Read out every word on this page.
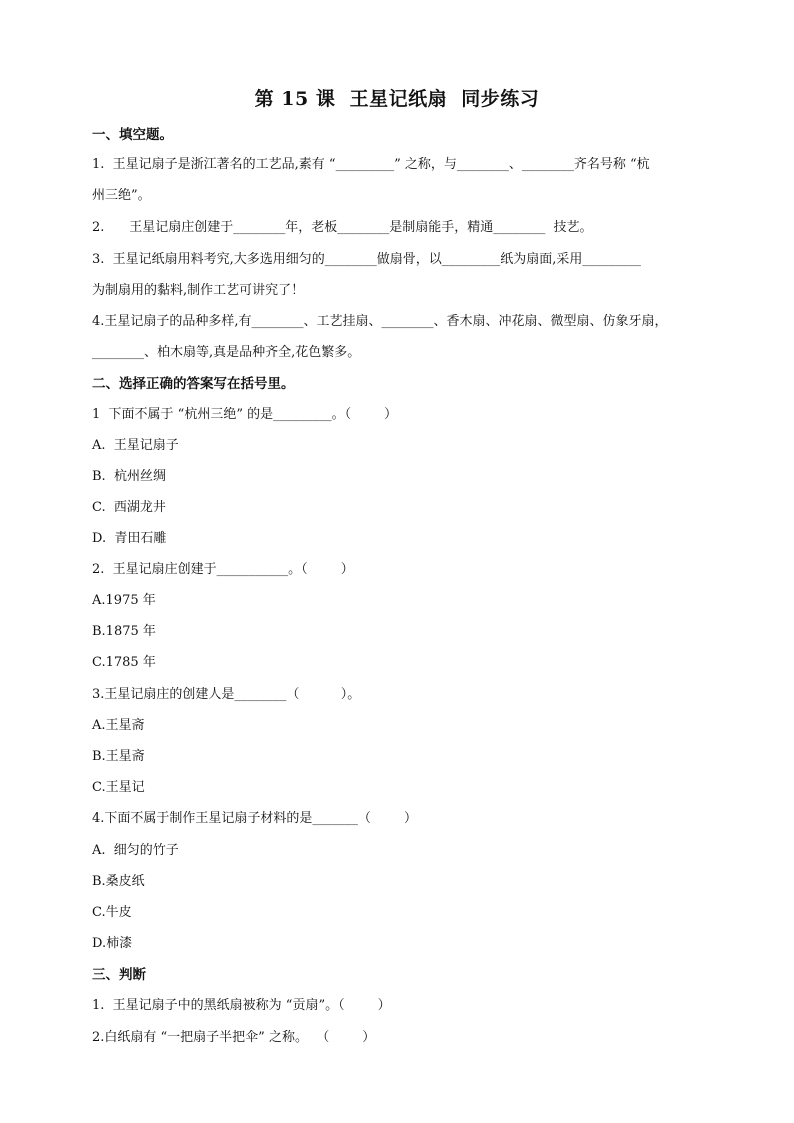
第 15 课  王星记纸扇  同步练习
一、填空题。
1.  王星记扇子是浙江著名的工艺品,素有 “_________” 之称，与________、________齐名号称 “杭
州三绝”。
2.      王星记扇庄创建于________年，老板________是制扇能手，精通________  技艺。
3.  王星记纸扇用料考究,大多选用细匀的________做扇骨，以_________纸为扇面,采用_________
为制扇用的黏料,制作工艺可讲究了！
4.王星记扇子的品种多样,有________、工艺挂扇、________、香木扇、冲花扇、微型扇、仿象牙扇，
________、柏木扇等,真是品种齐全,花色繁多。
二、选择正确的答案写在括号里。
1  下面不属于 “杭州三绝” 的是_________。（        ）
A.  王星记扇子
B.  杭州丝绸
C.  西湖龙井
D.  青田石雕
2.  王星记扇庄创建于___________。（        ）
A.1975 年
B.1875 年
C.1785 年
3.王星记扇庄的创建人是________（          ）。
A.王星斋
B.王星斋
C.王星记
4.下面不属于制作王星记扇子材料的是_______（        ）
A.  细匀的竹子
B.桑皮纸
C.牛皮
D.柿漆
三、判断
1.  王星记扇子中的黑纸扇被称为 “贡扇”。（        ）
2.白纸扇有 “一把扇子半把伞” 之称。  （        ）
